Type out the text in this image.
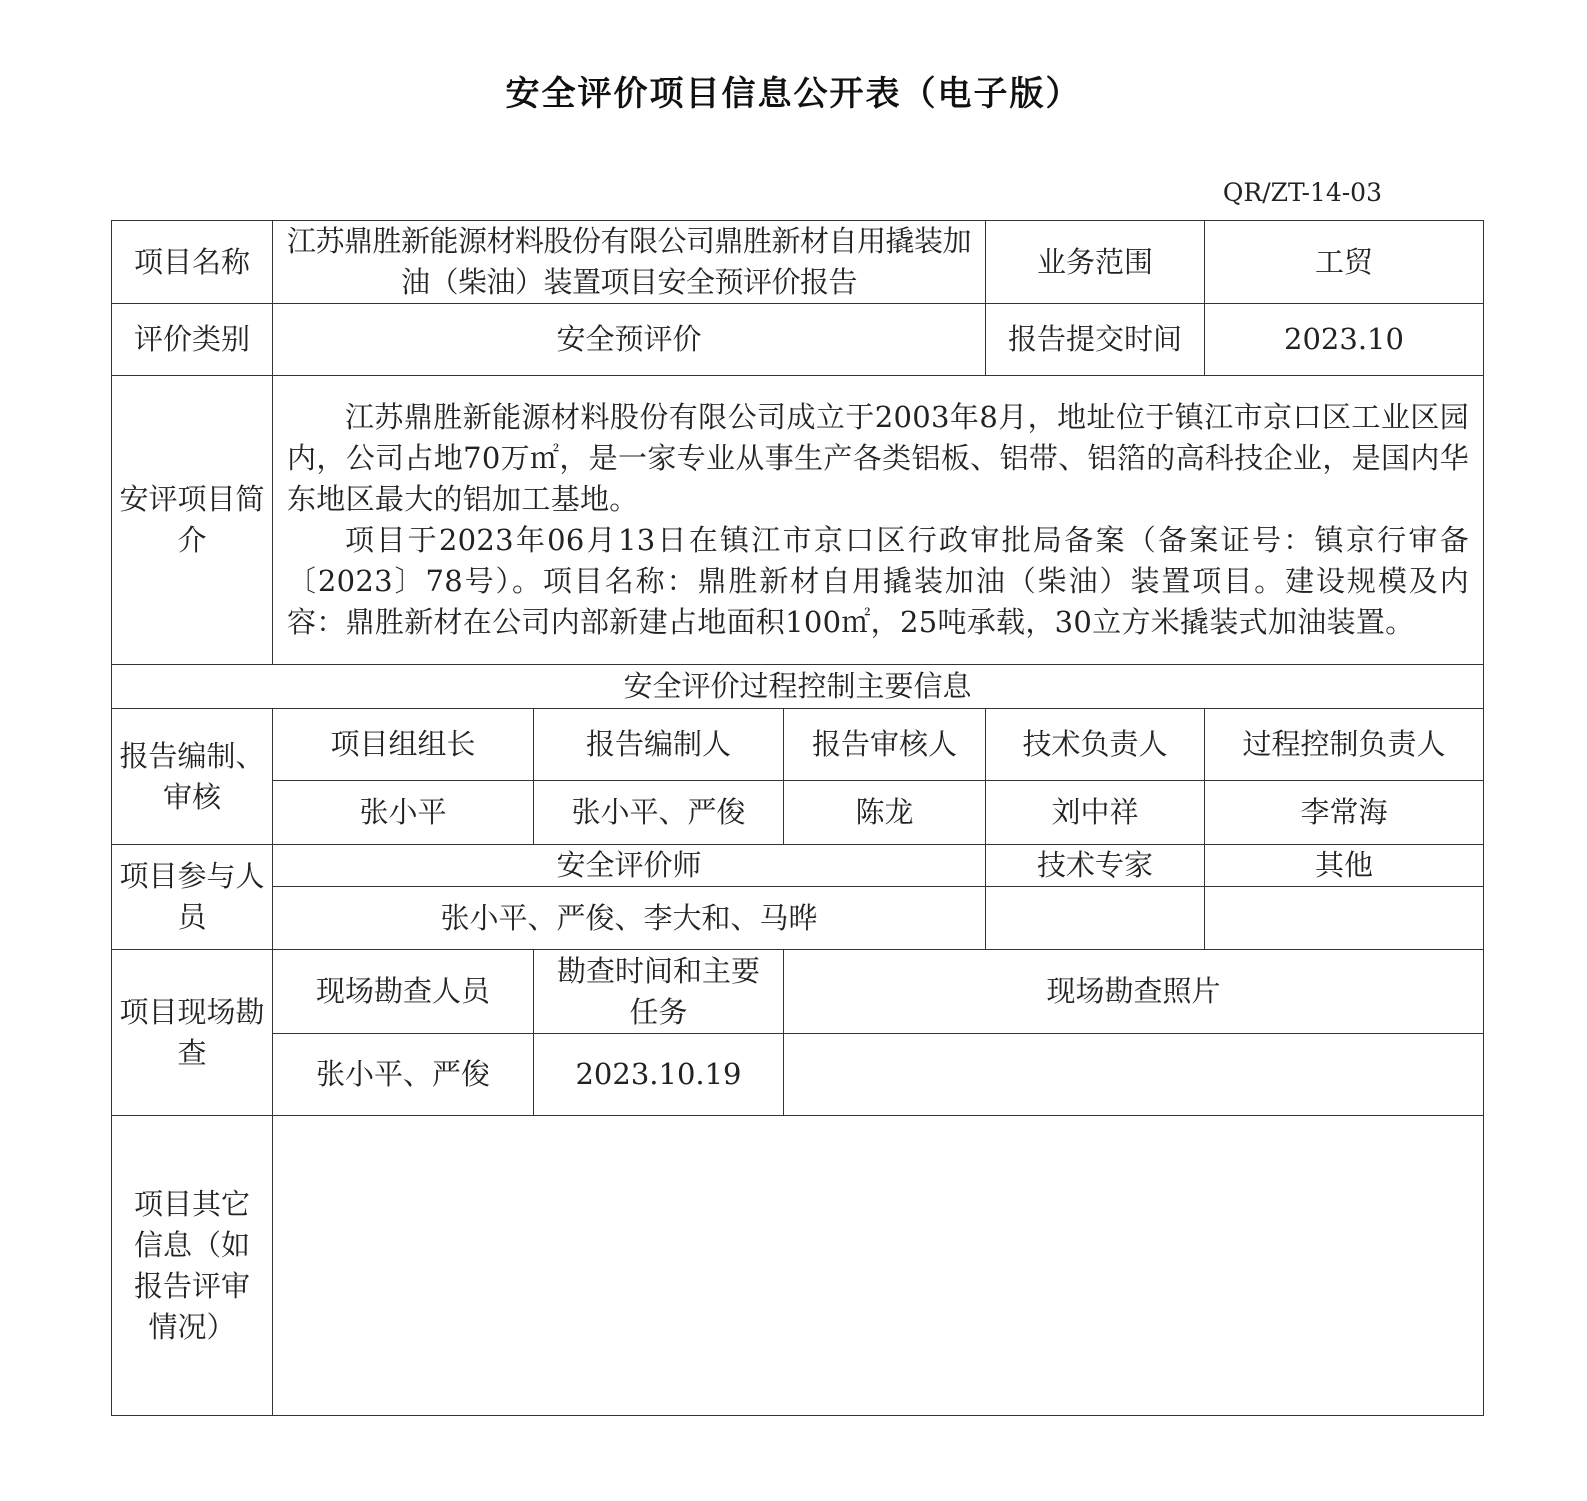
安全评价项目信息公开表（电子版）
QR/ZT-14-03
项目名称	江苏鼎胜新能源材料股份有限公司鼎胜新材自用撬装加油（柴油）装置项目安全预评价报告			业务范围	工贸
评价类别	安全预评价			报告提交时间	2023.10
安评项目简介	江苏鼎胜新能源材料股份有限公司成立于2003年8月，地址位于镇江市京口区工业区园内，公司占地70万㎡，是一家专业从事生产各类铝板、铝带、铝箔的高科技企业，是国内华东地区最大的铝加工基地。

项目于2023年06月13日在镇江市京口区行政审批局备案（备案证号：镇京行审备〔2023〕78号）。项目名称：鼎胜新材自用撬装加油（柴油）装置项目。建设规模及内容：鼎胜新材在公司内部新建占地面积100㎡，25吨承载，30立方米撬装式加油装置。				

安全评价过程控制主要信息					
报告编制、审核	项目组组长	报告编制人	报告审核人	技术负责人	过程控制负责人
	张小平	张小平、严俊	陈龙	刘中祥	李常海
项目参与人员	安全评价师			技术专家	其他
	张小平、严俊、李大和、马晔				
项目现场勘查	现场勘查人员	勘查时间和主要任务	现场勘查照片		
	张小平、严俊	2023.10.19			
项目其它信息（如报告评审情况）					
